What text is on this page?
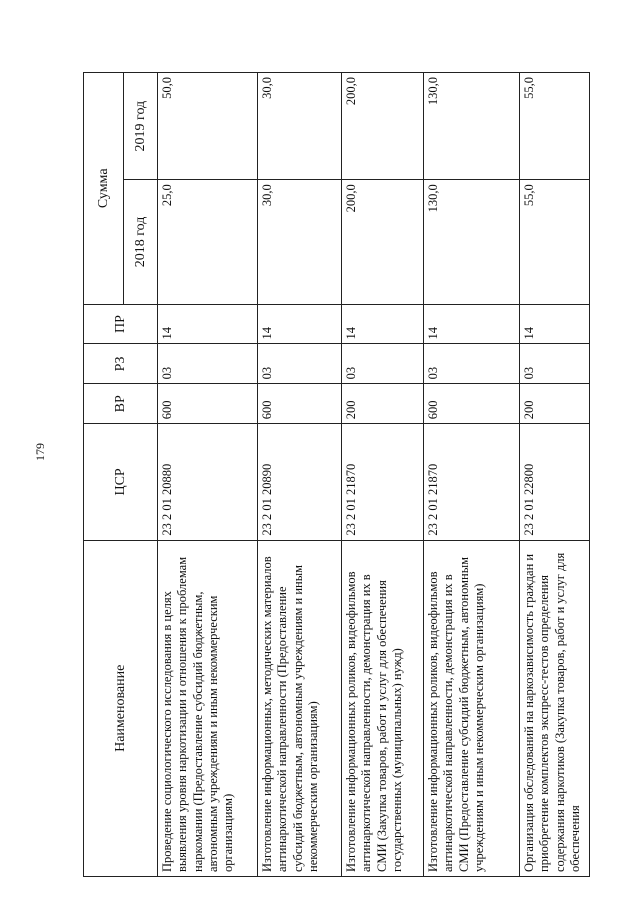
179
Наименование	ЦСР	ВР	РЗ	ПР	Сумма	
					2018 год	2019 год
Проведение социологического исследования в целях выявления уровня наркотизации и отношения к проблемам наркомании (Предоставление субсидий бюджетным, автономным учреждениям и иным некоммерческим организациям)	23 2 01 20880	600	03	14	25,0	50,0
Изготовление информационных, методических материалов антинаркотической направленности (Предоставление субсидий бюджетным, автономным учреждениям и иным некоммерческим организациям)	23 2 01 20890	600	03	14	30,0	30,0
Изготовление информационных роликов, видеофильмов антинаркотической направленности, демонстрация их в СМИ (Закупка товаров, работ и услуг для обеспечения государственных (муниципальных) нужд)	23 2 01 21870	200	03	14	200,0	200,0
Изготовление информационных роликов, видеофильмов антинаркотической направленности, демонстрация их в СМИ (Предоставление субсидий бюджетным, автономным учреждениям и иным некоммерческим организациям)	23 2 01 21870	600	03	14	130,0	130,0
Организация обследований на наркозависимость граждан и приобретение комплектов экспресс-тестов определения содержания наркотиков (Закупка товаров, работ и услуг для обеспечения	23 2 01 22800	200	03	14	55,0	55,0
